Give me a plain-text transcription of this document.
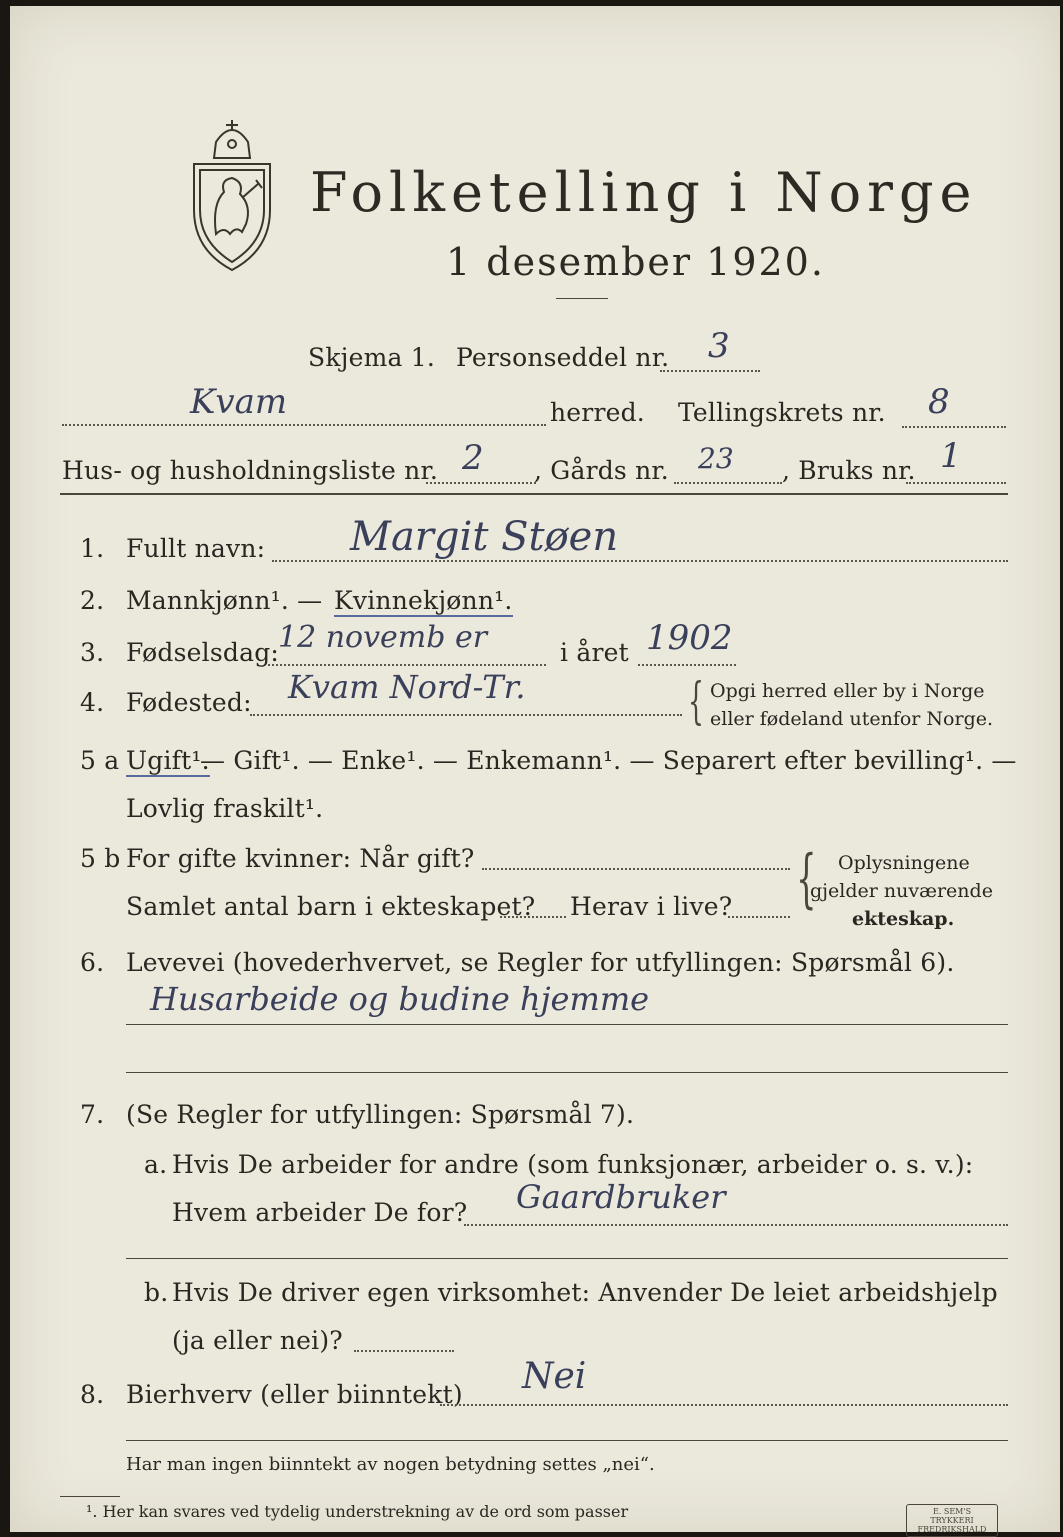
Folketelling i Norge
1 desember 1920.
Skjema 1. Personseddel nr. 3
Kvam	herred. Tellingskrets nr. 8
Hus- og husholdningsliste nr. 2 , Gårds nr. 23 , Bruks nr. 1
1. Fullt navn: Margit Støen
2. Mannkjønn¹. — Kvinnekjønn¹.
3. Fødselsdag:
12 novemb er	i året 1902
4. Fødested: Kvam Nord-Tr.	{ Opgi herred eller by i Norge
eller fødeland utenfor Norge.
5 a Ugift¹.
— Gift¹. — Enke¹. — Enkemann¹. — Separert efter bevilling¹. —
Lovlig fraskilt¹.
5 b For gifte kvinner: Når gift?
Samlet antal barn i ekteskapet? Herav i live? { Oplysningene
gjelder nuværende
ekteskap.
6. Levevei (hovederhvervet, se Regler for utfyllingen: Spørsmål 6).
Husarbeide og budine hjemme
7. (Se Regler for utfyllingen: Spørsmål 7).
a. Hvis De arbeider for andre (som funksjonær, arbeider o. s. v.):
Hvem arbeider De for? Gaardbruker
b. Hvis De driver egen virksomhet: Anvender De leiet arbeidshjelp
(ja eller nei)?
8. Bierhverv (eller biinntekt) Nei
Har man ingen biinntekt av nogen betydning settes „nei“.
¹. Her kan svares ved tydelig understrekning av de ord som passer	E. SEM'S TRYKKERI FREDRIKSHALD
